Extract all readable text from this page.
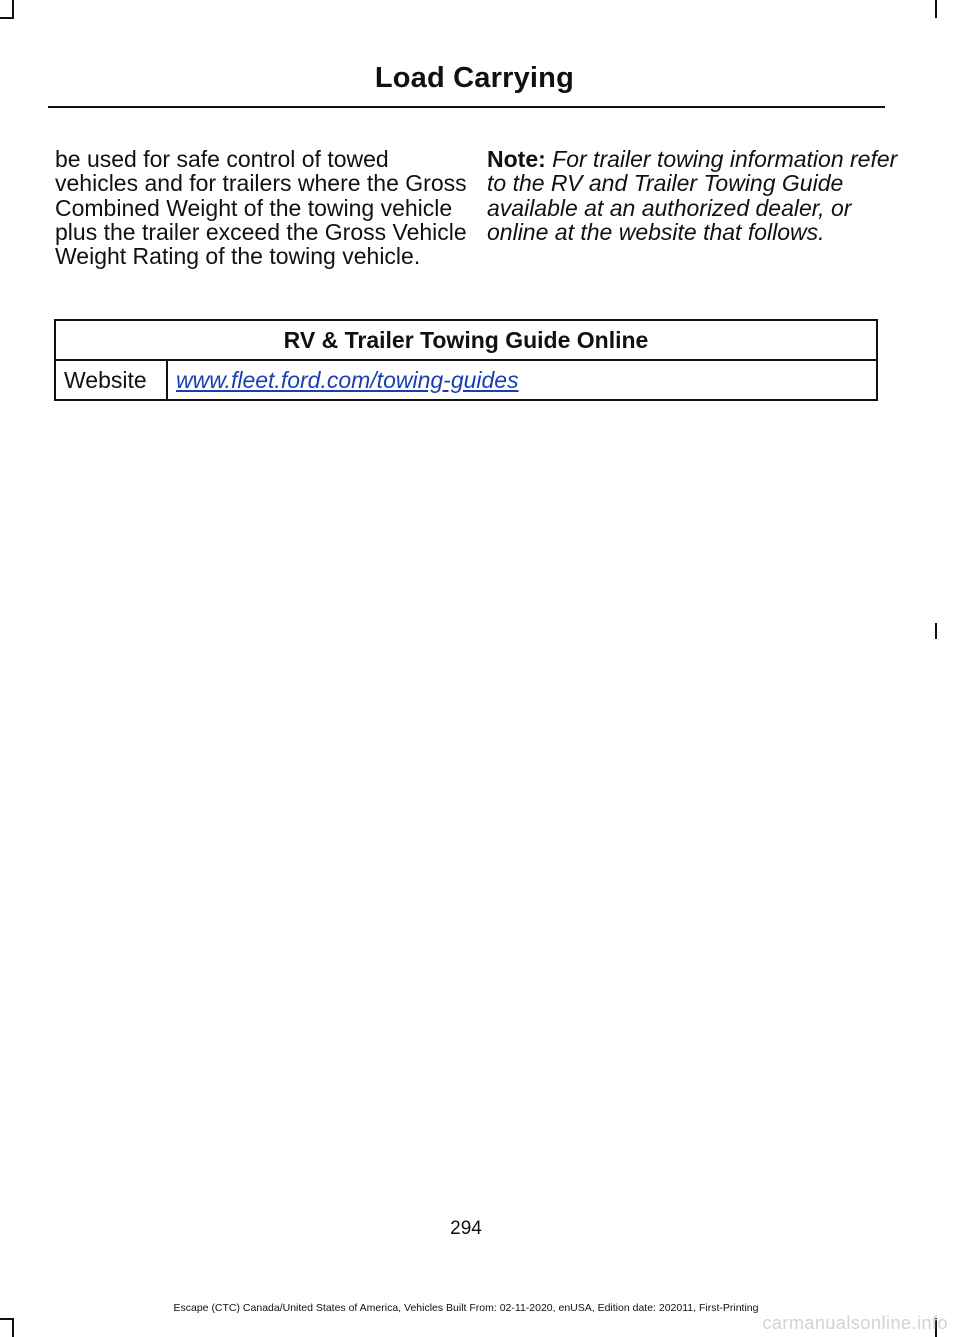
Load Carrying
be used for safe control of towed vehicles and for trailers where the Gross Combined Weight of the towing vehicle plus the trailer exceed the Gross Vehicle Weight Rating of the towing vehicle.
Note: For trailer towing information refer to the RV and Trailer Towing Guide available at an authorized dealer, or online at the website that follows.
RV & Trailer Towing Guide Online
Website	www.fleet.ford.com/towing-guides
294
Escape (CTC) Canada/United States of America, Vehicles Built From: 02-11-2020, enUSA, Edition date: 202011, First-Printing
carmanualsonline.info
